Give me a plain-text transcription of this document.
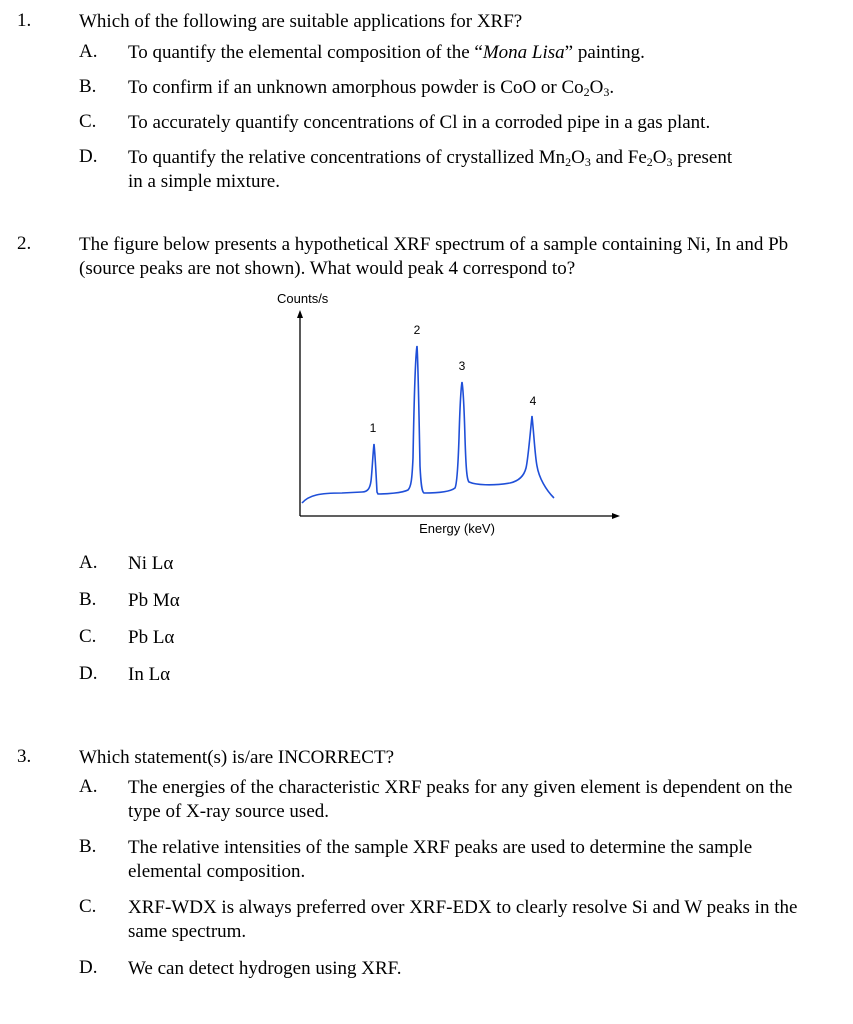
1.	Which of the following are suitable applications for XRF?
A. To quantify the elemental composition of the “Mona Lisa” painting.
B. To confirm if an unknown amorphous powder is CoO or $Co_2O_3$.
C. To accurately quantify concentrations of Cl in a corroded pipe in a gas plant.
D. To quantify the relative concentrations of crystallized $Mn_2O_3$ and $Fe_2O_3$ present
in a simple mixture.
2.	The figure below presents a hypothetical XRF spectrum of a sample containing Ni, In and Pb (source peaks are not shown). What would peak 4 correspond to?
Counts/s
1
2
3
4
Energy (keV)
A. Ni Lα
B. Pb Mα
C. Pb Lα
D. In Lα
3.	Which statement(s) is/are INCORRECT?
A. The energies of the characteristic XRF peaks for any given element is dependent on the type of X-ray source used.
B. The relative intensities of the sample XRF peaks are used to determine the sample elemental composition.
C. XRF-WDX is always preferred over XRF-EDX to clearly resolve Si and W peaks in the same spectrum.
D. We can detect hydrogen using XRF.
